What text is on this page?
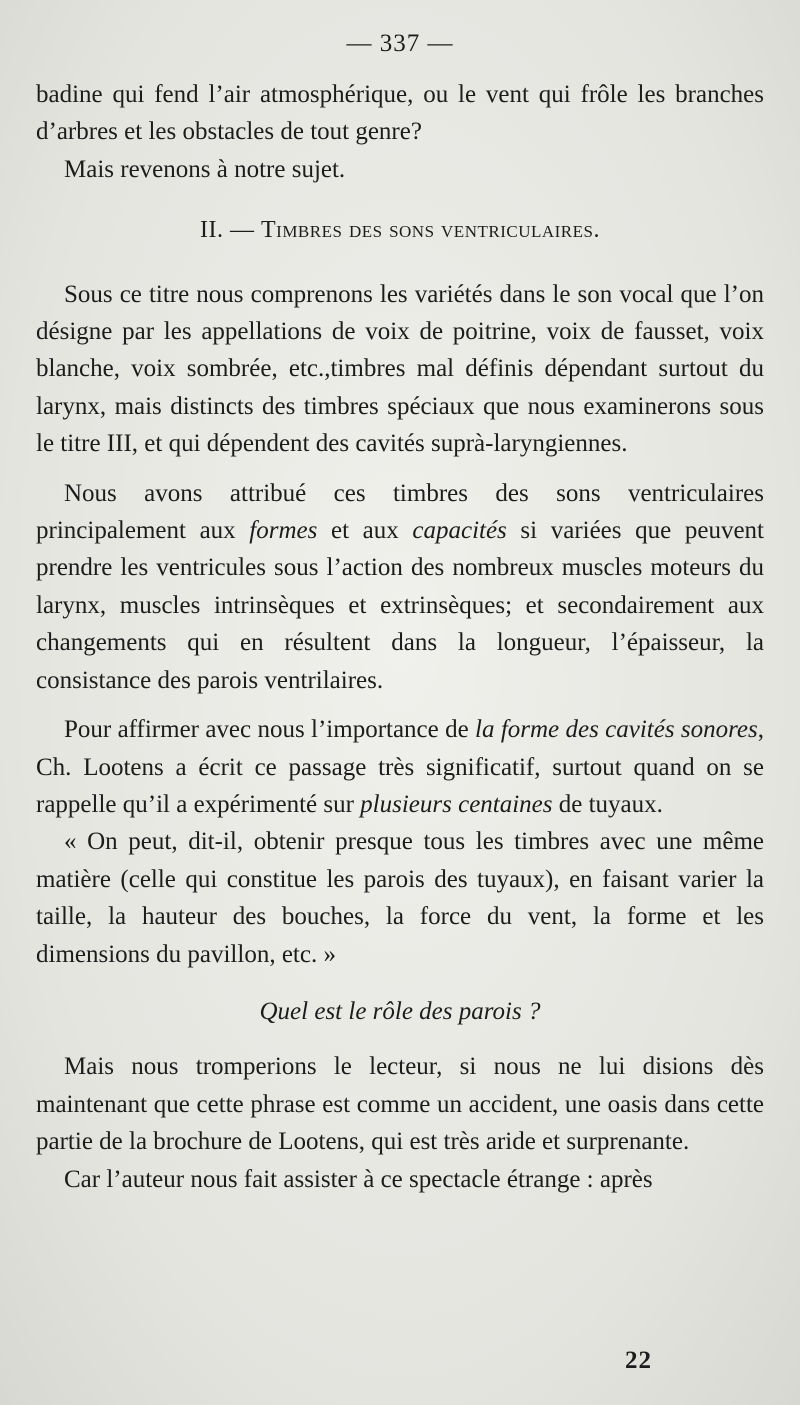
— 337 —

badine qui fend l’air atmosphérique, ou le vent qui frôle les branches d’arbres et les obstacles de tout genre?

Mais revenons à notre sujet.

II. — Timbres des sons ventriculaires.

Sous ce titre nous comprenons les variétés dans le son vocal que l’on désigne par les appellations de voix de poitrine, voix de fausset, voix blanche, voix sombrée, etc.,timbres mal définis dépendant surtout du larynx, mais distincts des timbres spéciaux que nous examinerons sous le titre III, et qui dépendent des cavités suprà-laryngiennes.

Nous avons attribué ces timbres des sons ventriculaires principalement aux formes et aux capacités si variées que peuvent prendre les ventricules sous l’action des nombreux muscles moteurs du larynx, muscles intrinsèques et extrinsèques; et secondairement aux changements qui en résultent dans la longueur, l’épaisseur, la consistance des parois ventrilaires.

Pour affirmer avec nous l’importance de la forme des cavités sonores, Ch. Lootens a écrit ce passage très significatif, surtout quand on se rappelle qu’il a expérimenté sur plusieurs centaines de tuyaux.

« On peut, dit-il, obtenir presque tous les timbres avec une même matière (celle qui constitue les parois des tuyaux), en faisant varier la taille, la hauteur des bouches, la force du vent, la forme et les dimensions du pavillon, etc. »

Quel est le rôle des parois ?

Mais nous tromperions le lecteur, si nous ne lui disions dès maintenant que cette phrase est comme un accident, une oasis dans cette partie de la brochure de Lootens, qui est très aride et surprenante.

Car l’auteur nous fait assister à ce spectacle étrange : après

22
